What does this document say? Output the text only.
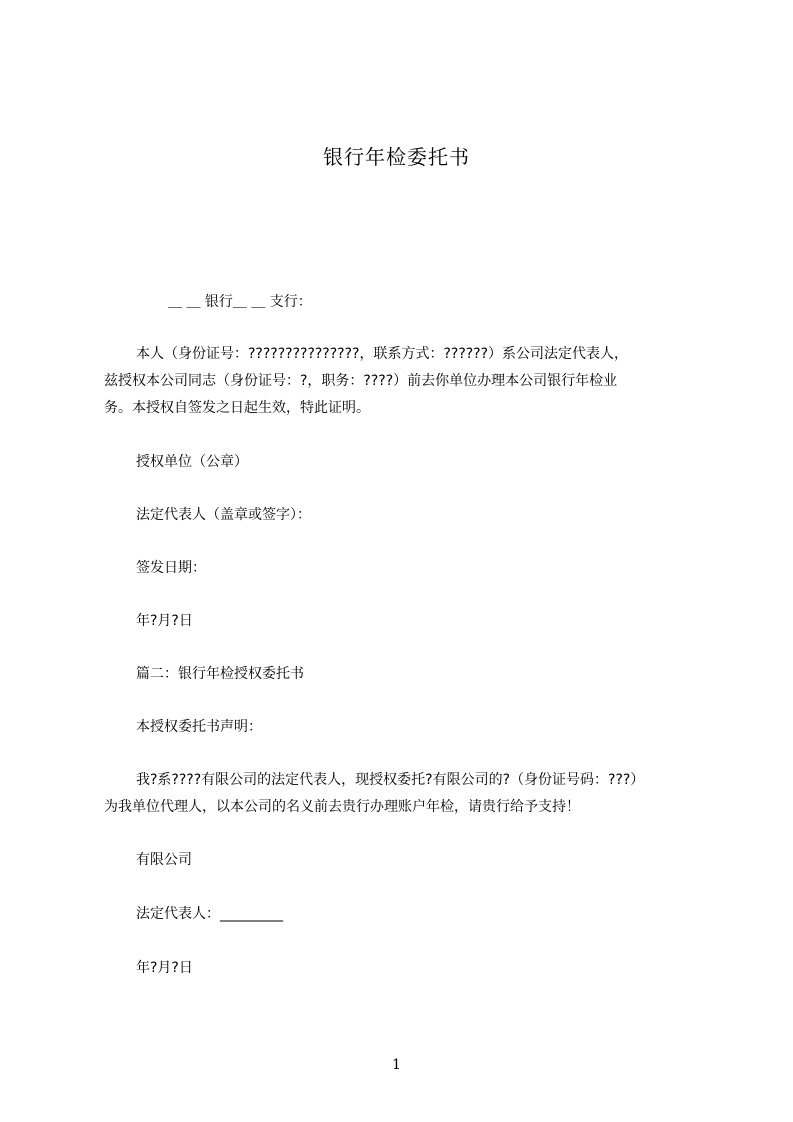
银行年检委托书
＿ ＿ 银行＿ ＿ 支行：
本人（身份证号：???????????????，联系方式：??????）系公司法定代表人，
兹授权本公司同志（身份证号：?，职务：????）前去你单位办理本公司银行年检业
务。本授权自签发之日起生效，特此证明。
授权单位（公章）
法定代表人（盖章或签字）：
签发日期：
年?月?日
篇二：银行年检授权委托书
本授权委托书声明：
我?系????有限公司的法定代表人，现授权委托?有限公司的?（身份证号码：???）
为我单位代理人，以本公司的名义前去贵行办理账户年检，请贵行给予支持！
有限公司
法定代表人：_________
年?月?日
1
